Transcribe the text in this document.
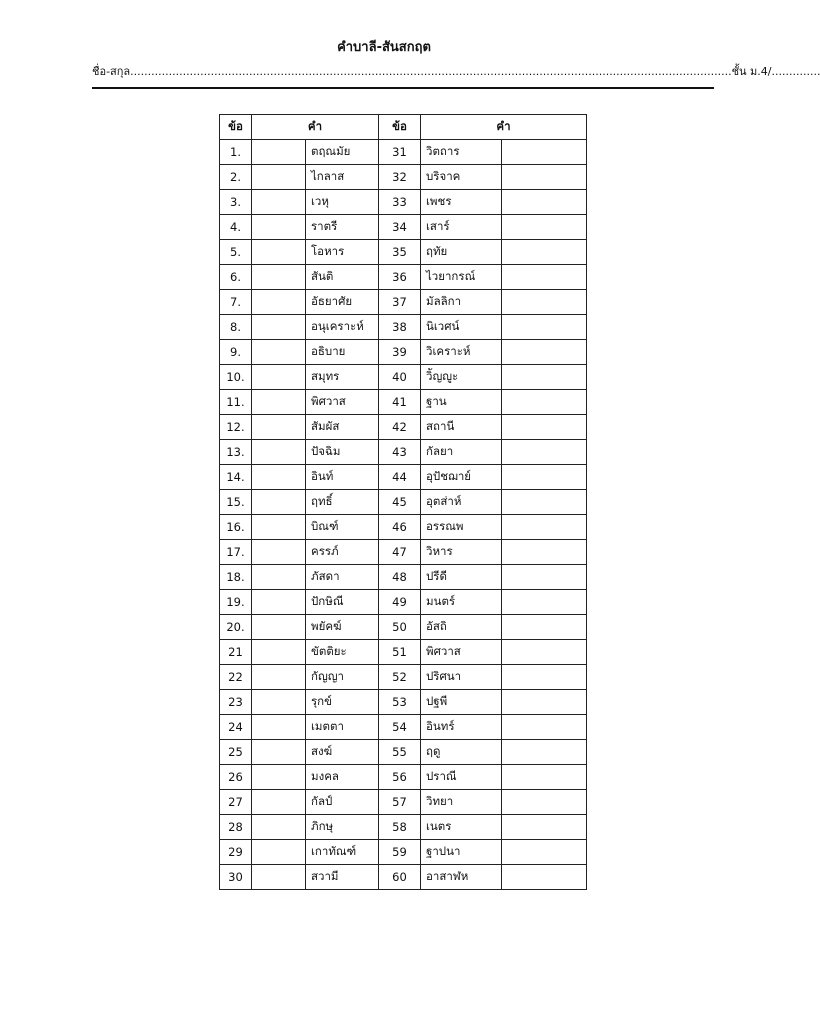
คำบาลี-สันสกฤต
ชื่อ-สกุล............................................................................................................................................................................ชั้น ม.4/..............
ข้อ	คำ		ข้อ	คำ	
1.		ตฤณมัย	31	วิตถาร	
2.		ไกลาส	32	บริจาค	
3.		เวหุ	33	เพชร	
4.		ราตรี	34	เสาร์	
5.		โอหาร	35	ฤทัย	
6.		สันติ	36	ไวยากรณ์	
7.		อัธยาศัย	37	มัลลิกา	
8.		อนุเคราะห์	38	นิเวศน์	
9.		อธิบาย	39	วิเคราะห์	
10.		สมุทร	40	วิัญญูะ	
11.		พิศวาส	41	ฐาน	
12.		สัมผัส	42	สถานี	
13.		ปัจฉิม	43	กัลยา	
14.		อินท์	44	อุปัชฌาย์	
15.		ฤทธิ์	45	อุตส่าห์	
16.		บิณฑ์	46	อรรณพ	
17.		ครรภ์	47	วิหาร	
18.		ภัสดา	48	ปรีดี	
19.		ปักษิณี	49	มนตร์	
20.		พยัคฆ์	50	อัสถิ	
21		ขัตติยะ	51	พิศวาส	
22		กัญญา	52	ปริศนา	
23		รุกข์	53	ปฐพี	
24		เมตตา	54	อินทร์	
25		สงฆ์	55	ฤดู	
26		มงคล	56	ปราณี	
27		กัลป์	57	วิทยา	
28		ภิกษุ	58	เนตร	
29		เกาทัณฑ์	59	ฐาปนา	
30		สวามี	60	อาสาฬห	
